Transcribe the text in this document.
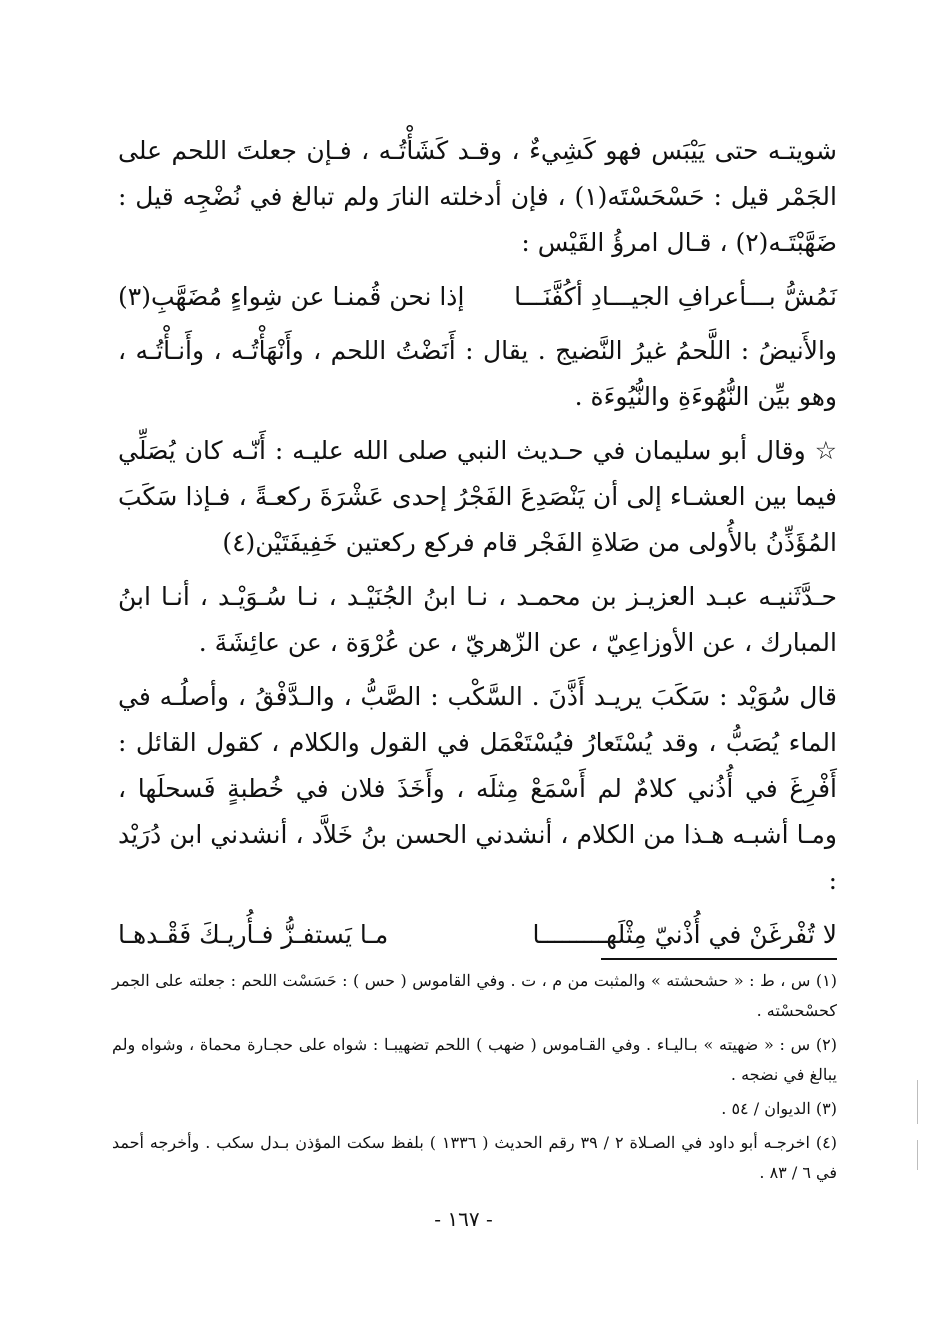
شويتـه حتى يَيْبَس فهو كَشِيءٌ ، وقـد كَشَأْتُـه ، فـإن جعلتَ اللحم على الجَمْر قيل : حَسْحَسْتَه(١) ، فإن أدخلته النارَ ولم تبالغ في نُضْجِه قيل : ضَهَّبْتَـه(٢) ، قـال امرؤُ القَيْس :

نَمُشُّ بـــأعرافِ الجيـــادِ أكُفَّنَـــا
إذا نحن قُمنـا عن شِواءٍ مُضَهَّبِ(٣)

والأَنيضُ : اللَّحمُ غيرُ النَّضيج . يقال : أَنَضْتُ اللحم ، وأَنْهَأْتُـه ، وأَنـأْتُـه ، وهو بيِّن النُّهُوءَةِ والنُّيُوءَة .

☆ وقال أبو سليمان في حـديث النبي صلى الله عليـه : أَنّـه كان يُصَلِّي فيما بين العشـاء إلى أن يَنْصَدِعَ الفَجْرُ إحدى عَشْرَةَ ركعـةً ، فـإذا سَكَبَ المُؤَذِّنُ بالأُولى من صَلاةِ الفَجْر قام فركع ركعتين خَفِيفَتَيْن(٤)

حـدَّثَنيـه عبـد العزيـز بن محمـد ، نـا ابنُ الجُنَيْـد ، نـا سُـوَيْـد ، أنـا ابنُ المبارك ، عن الأوزاعِيّ ، عن الزّهريّ ، عن عُرْوَة ، عن عائِشَةَ .

قال سُوَيْد : سَكَبَ يريـد أَذَّنَ . السَّكْب : الصَّبُّ ، والـدَّفْقُ ، وأصلُـه في الماء يُصَبُّ ، وقد يُسْتَعارُ فيُسْتَعْمَل في القول والكلام ، كقول القائل : أَفْرِغَ في أُذُني كلامٌ لم أَسْمَعْ مِثلَه ، وأَخَذَ فلان في خُطبةٍ فَسحلَها ، ومـا أشبـه هـذا من الكلام ، أنشدني الحسن بنُ خَلاَّد ، أنشدني ابن دُرَيْد :

لا تُفْرغَنْ في أُذْنيّ مِثْلَهـــــــــا
مـا يَستفـزُّ فـأُريـكَ فَقْـدهـا

(١) س ، ط : « حشحشته » والمثبت من م ، ت . وفي القاموس ( حس ) : حَسَسْت اللحم : جعلته على الجمر كحسْحسْته .

(٢) س : « ضهيته » بـاليـاء . وفي القـاموس ( ضهب ) اللحم تضهيبـا : شواه على حجـارة محماة ، وشواه ولم يبالغ في نضجه .

(٣) الديوان / ٥٤ .

(٤) اخرجـه أبو داود في الصـلاة ٢ / ٣٩ رقم الحديث ( ١٣٣٦ ) بلفظ سكت المؤذن بـدل سكب . وأخرجه أحمد في ٦ / ٨٣ .

- ١٦٧ -
